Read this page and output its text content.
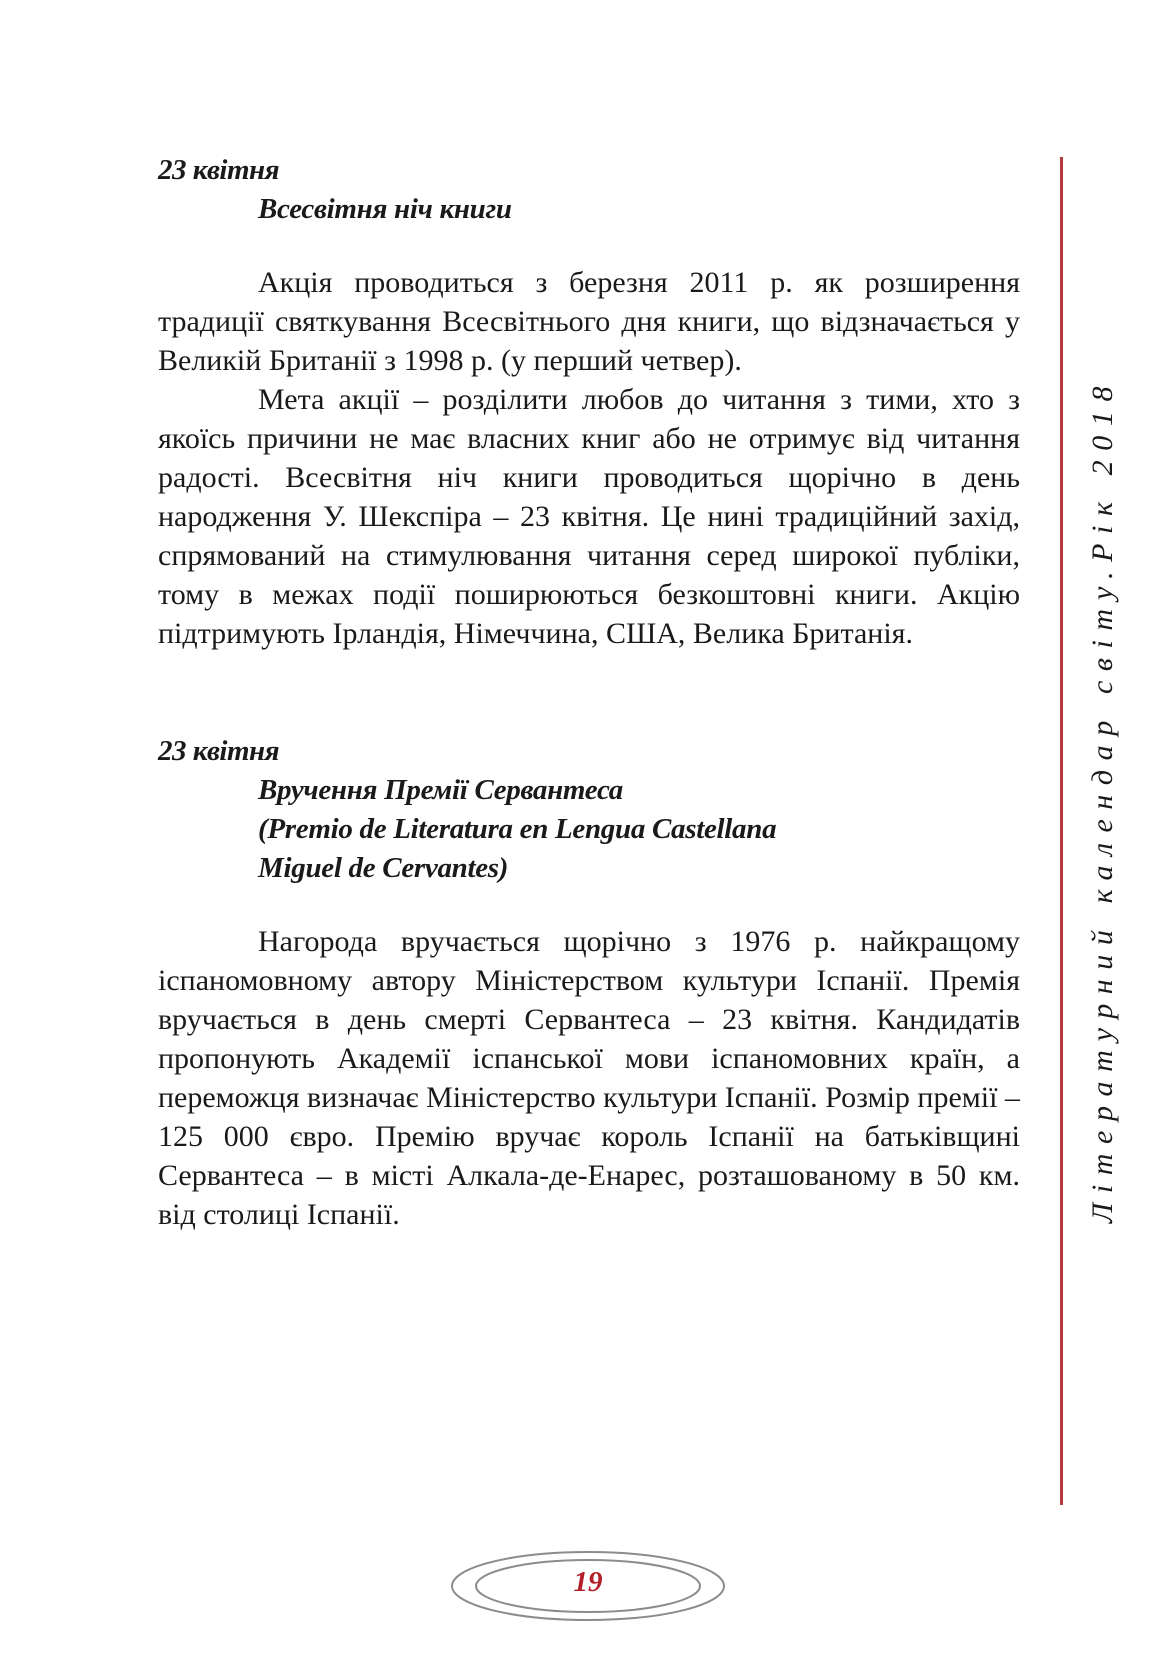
23 квітня

Всесвітня ніч книги

Акція проводиться з березня 2011 р. як розширення традиції святкування Всесвітнього дня книги, що відзначається у Великій Британії з 1998 р. (у перший четвер).

Мета акції – розділити любов до читання з тими, хто з якоїсь причини не має власних книг або не отримує від читання радості. Всесвітня ніч книги проводиться щорічно в день народження У. Шекспіра – 23 квітня. Це нині традиційний захід, спрямований на стимулювання читання серед широкої публіки, тому в межах події поширюються безкоштовні книги. Акцію підтримують Ірландія, Німеччина, США, Велика Британія.

23 квітня

Вручення Премії Сервантеса

(Premio de Literatura en Lengua Castellana

Miguel de Cervantes)

Нагорода вручається щорічно з 1976 р. найкращому іспаномовному автору Міністерством культури Іспанії. Премія вручається в день смерті Сервантеса – 23 квітня. Кандидатів пропонують Академії іспанської мови іспаномовних країн, а переможця визначає Міністерство культури Іспанії. Розмір премії – 125 000 євро. Премію вручає король Іспанії на батьківщині Сервантеса – в місті Алкала-де-Енарес, розташованому в 50 км. від столиці Іспанії.	Літературний календар світу.Рік 2018
19
